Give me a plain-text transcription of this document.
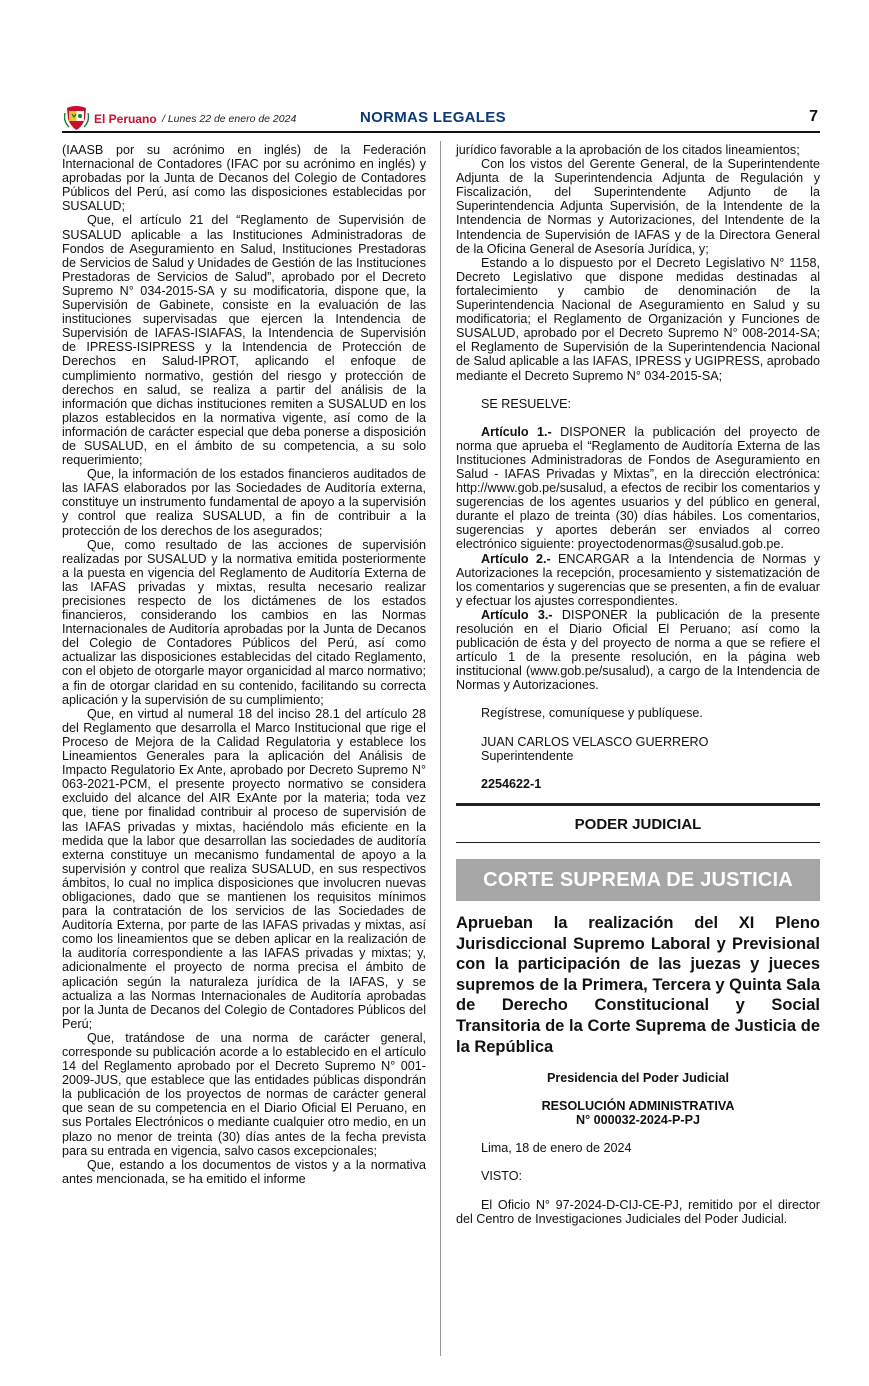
El Peruano / Lunes 22 de enero de 2024	NORMAS LEGALES	7

(IAASB por su acrónimo en inglés) de la Federación Internacional de Contadores (IFAC por su acrónimo en inglés) y aprobadas por la Junta de Decanos del Colegio de Contadores Públicos del Perú, así como las disposiciones establecidas por SUSALUD;

Que, el artículo 21 del “Reglamento de Supervisión de SUSALUD aplicable a las Instituciones Administradoras de Fondos de Aseguramiento en Salud, Instituciones Prestadoras de Servicios de Salud y Unidades de Gestión de las Instituciones Prestadoras de Servicios de Salud”, aprobado por el Decreto Supremo N° 034-2015-SA y su modificatoria, dispone que, la Supervisión de Gabinete, consiste en la evaluación de las instituciones supervisadas que ejercen la Intendencia de Supervisión de IAFAS-ISIAFAS, la Intendencia de Supervisión de IPRESS-ISIPRESS y la Intendencia de Protección de Derechos en Salud-IPROT, aplicando el enfoque de cumplimiento normativo, gestión del riesgo y protección de derechos en salud, se realiza a partir del análisis de la información que dichas instituciones remiten a SUSALUD en los plazos establecidos en la normativa vigente, así como de la información de carácter especial que deba ponerse a disposición de SUSALUD, en el ámbito de su competencia, a su solo requerimiento;

Que, la información de los estados financieros auditados de las IAFAS elaborados por las Sociedades de Auditoría externa, constituye un instrumento fundamental de apoyo a la supervisión y control que realiza SUSALUD, a fin de contribuir a la protección de los derechos de los asegurados;

Que, como resultado de las acciones de supervisión realizadas por SUSALUD y la normativa emitida posteriormente a la puesta en vigencia del Reglamento de Auditoría Externa de las IAFAS privadas y mixtas, resulta necesario realizar precisiones respecto de los dictámenes de los estados financieros, considerando los cambios en las Normas Internacionales de Auditoría aprobadas por la Junta de Decanos del Colegio de Contadores Públicos del Perú, así como actualizar las disposiciones establecidas del citado Reglamento, con el objeto de otorgarle mayor organicidad al marco normativo; a fin de otorgar claridad en su contenido, facilitando su correcta aplicación y la supervisión de su cumplimiento;

Que, en virtud al numeral 18 del inciso 28.1 del artículo 28 del Reglamento que desarrolla el Marco Institucional que rige el Proceso de Mejora de la Calidad Regulatoria y establece los Lineamientos Generales para la aplicación del Análisis de Impacto Regulatorio Ex Ante, aprobado por Decreto Supremo N° 063-2021-PCM, el presente proyecto normativo se considera excluido del alcance del AIR ExAnte por la materia; toda vez que, tiene por finalidad contribuir al proceso de supervisión de las IAFAS privadas y mixtas, haciéndolo más eficiente en la medida que la labor que desarrollan las sociedades de auditoría externa constituye un mecanismo fundamental de apoyo a la supervisión y control que realiza SUSALUD, en sus respectivos ámbitos, lo cual no implica disposiciones que involucren nuevas obligaciones, dado que se mantienen los requisitos mínimos para la contratación de los servicios de las Sociedades de Auditoría Externa, por parte de las IAFAS privadas y mixtas, así como los lineamientos que se deben aplicar en la realización de la auditoría correspondiente a las IAFAS privadas y mixtas; y, adicionalmente el proyecto de norma precisa el ámbito de aplicación según la naturaleza jurídica de la IAFAS, y se actualiza a las Normas Internacionales de Auditoría aprobadas por la Junta de Decanos del Colegio de Contadores Públicos del Perú;

Que, tratándose de una norma de carácter general, corresponde su publicación acorde a lo establecido en el artículo 14 del Reglamento aprobado por el Decreto Supremo N° 001-2009-JUS, que establece que las entidades públicas dispondrán la publicación de los proyectos de normas de carácter general que sean de su competencia en el Diario Oficial El Peruano, en sus Portales Electrónicos o mediante cualquier otro medio, en un plazo no menor de treinta (30) días antes de la fecha prevista para su entrada en vigencia, salvo casos excepcionales;

Que, estando a los documentos de vistos y a la normativa antes mencionada, se ha emitido el informe

jurídico favorable a la aprobación de los citados lineamientos;

Con los vistos del Gerente General, de la Superintendente Adjunta de la Superintendencia Adjunta de Regulación y Fiscalización, del Superintendente Adjunto de la Superintendencia Adjunta Supervisión, de la Intendente de la Intendencia de Normas y Autorizaciones, del Intendente de la Intendencia de Supervisión de IAFAS y de la Directora General de la Oficina General de Asesoría Jurídica, y;

Estando a lo dispuesto por el Decreto Legislativo N° 1158, Decreto Legislativo que dispone medidas destinadas al fortalecimiento y cambio de denominación de la Superintendencia Nacional de Aseguramiento en Salud y su modificatoria; el Reglamento de Organización y Funciones de SUSALUD, aprobado por el Decreto Supremo N° 008-2014-SA; el Reglamento de Supervisión de la Superintendencia Nacional de Salud aplicable a las IAFAS, IPRESS y UGIPRESS, aprobado mediante el Decreto Supremo N° 034-2015-SA;

SE RESUELVE:

Artículo 1.- DISPONER la publicación del proyecto de norma que aprueba el “Reglamento de Auditoría Externa de las Instituciones Administradoras de Fondos de Aseguramiento en Salud - IAFAS Privadas y Mixtas”, en la dirección electrónica: http://www.gob.pe/susalud, a efectos de recibir los comentarios y sugerencias de los agentes usuarios y del público en general, durante el plazo de treinta (30) días hábiles. Los comentarios, sugerencias y aportes deberán ser enviados al correo electrónico siguiente: proyectodenormas@susalud.gob.pe.

Artículo 2.- ENCARGAR a la Intendencia de Normas y Autorizaciones la recepción, procesamiento y sistematización de los comentarios y sugerencias que se presenten, a fin de evaluar y efectuar los ajustes correspondientes.

Artículo 3.- DISPONER la publicación de la presente resolución en el Diario Oficial El Peruano; así como la publicación de ésta y del proyecto de norma a que se refiere el artículo 1 de la presente resolución, en la página web institucional (www.gob.pe/susalud), a cargo de la Intendencia de Normas y Autorizaciones.

Regístrese, comuníquese y publíquese.

JUAN CARLOS VELASCO GUERRERO
Superintendente
2254622-1
PODER JUDICIAL
CORTE SUPREMA DE JUSTICIA
Aprueban la realización del XI Pleno Jurisdiccional Supremo Laboral y Previsional con la participación de las juezas y jueces supremos de la Primera, Tercera y Quinta Sala de Derecho Constitucional y Social Transitoria de la Corte Suprema de Justicia de la República
Presidencia del Poder Judicial
RESOLUCIÓN ADMINISTRATIVA
N° 000032-2024-P-PJ

Lima, 18 de enero de 2024

VISTO:

El Oficio N° 97-2024-D-CIJ-CE-PJ, remitido por el director del Centro de Investigaciones Judiciales del Poder Judicial.
